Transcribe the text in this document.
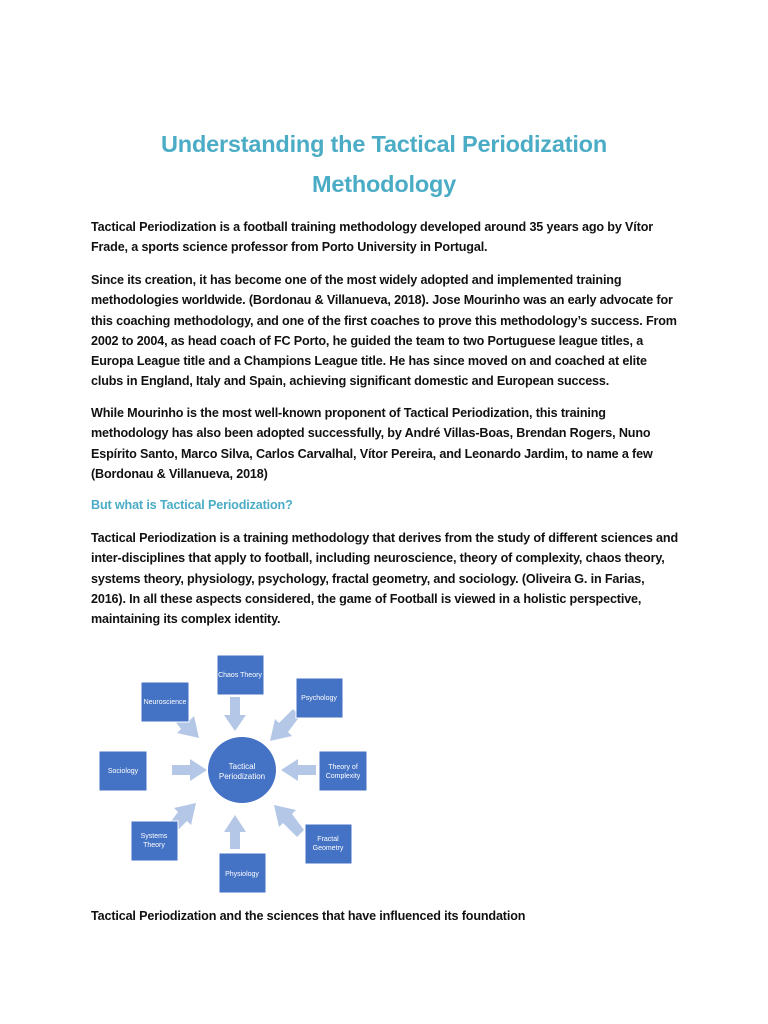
Understanding the Tactical Periodization
Methodology

Tactical Periodization is a football training methodology developed around 35 years ago by Vítor Frade, a sports science professor from Porto University in Portugal.

Since its creation, it has become one of the most widely adopted and implemented training methodologies worldwide. (Bordonau & Villanueva, 2018). Jose Mourinho was an early advocate for this coaching methodology, and one of the first coaches to prove this methodology’s success. From 2002 to 2004, as head coach of FC Porto, he guided the team to two Portuguese league titles, a Europa League title and a Champions League title. He has since moved on and coached at elite clubs in England, Italy and Spain, achieving significant domestic and European success.

While Mourinho is the most well-known proponent of Tactical Periodization, this training methodology has also been adopted successfully, by André Villas-Boas, Brendan Rogers, Nuno Espírito Santo, Marco Silva, Carlos Carvalhal, Vítor Pereira, and Leonardo Jardim, to name a few (Bordonau & Villanueva, 2018)

But what is Tactical Periodization?

Tactical Periodization is a training methodology that derives from the study of different sciences and inter-disciplines that apply to football, including neuroscience, theory of complexity, chaos theory, systems theory, physiology, psychology, fractal geometry, and sociology. (Oliveira G. in Farias, 2016). In all these aspects considered, the game of Football is viewed in a holistic perspective, maintaining its complex identity.

Tactical
Periodization
Chaos Theory
Psychology
Theory of
Complexity
Fractal
Geometry
Physiology
Systems
Theory
Sociology
Neuroscience
Tactical Periodization and the sciences that have influenced its foundation
